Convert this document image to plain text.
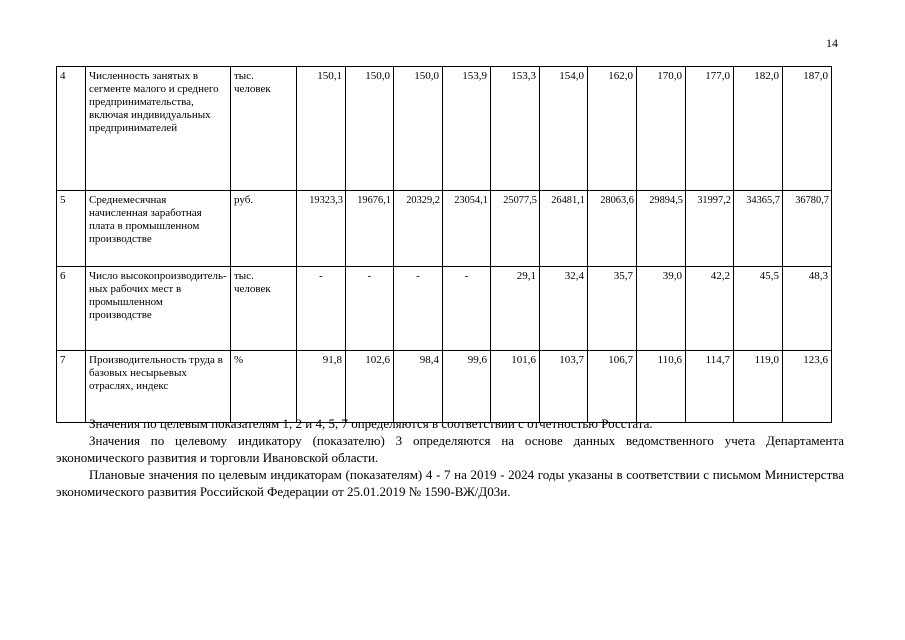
14
4	Численность занятых в сегменте малого и среднего предпринимательства, включая индивидуальных предпринимателей	тыс. человек	150,1	150,0	150,0	153,9	153,3	154,0	162,0	170,0	177,0	182,0	187,0
5	Среднемесячная начисленная заработная плата в промышленном производстве	руб.	19323,3	19676,1	20329,2	23054,1	25077,5	26481,1	28063,6	29894,5	31997,2	34365,7	36780,7
6	Число высокопроизводитель-ных рабочих мест в промышленном производстве	тыс. человек	-	-	-	-	29,1	32,4	35,7	39,0	42,2	45,5	48,3
7	Производительность труда в базовых несырьевых отраслях, индекс	%	91,8	102,6	98,4	99,6	101,6	103,7	106,7	110,6	114,7	119,0	123,6

Значения по целевым показателям 1, 2 и 4, 5, 7 определяются в соответствии с отчетностью Росстата.

Значения по целевому индикатору (показателю) 3 определяются на основе данных ведомственного учета Департамента экономического развития и торговли Ивановской области.

Плановые значения по целевым индикаторам (показателям) 4 - 7 на 2019 - 2024 годы указаны в соответствии с письмом Министерства экономического развития Российской Федерации от 25.01.2019 № 1590-ВЖ/Д03и.
